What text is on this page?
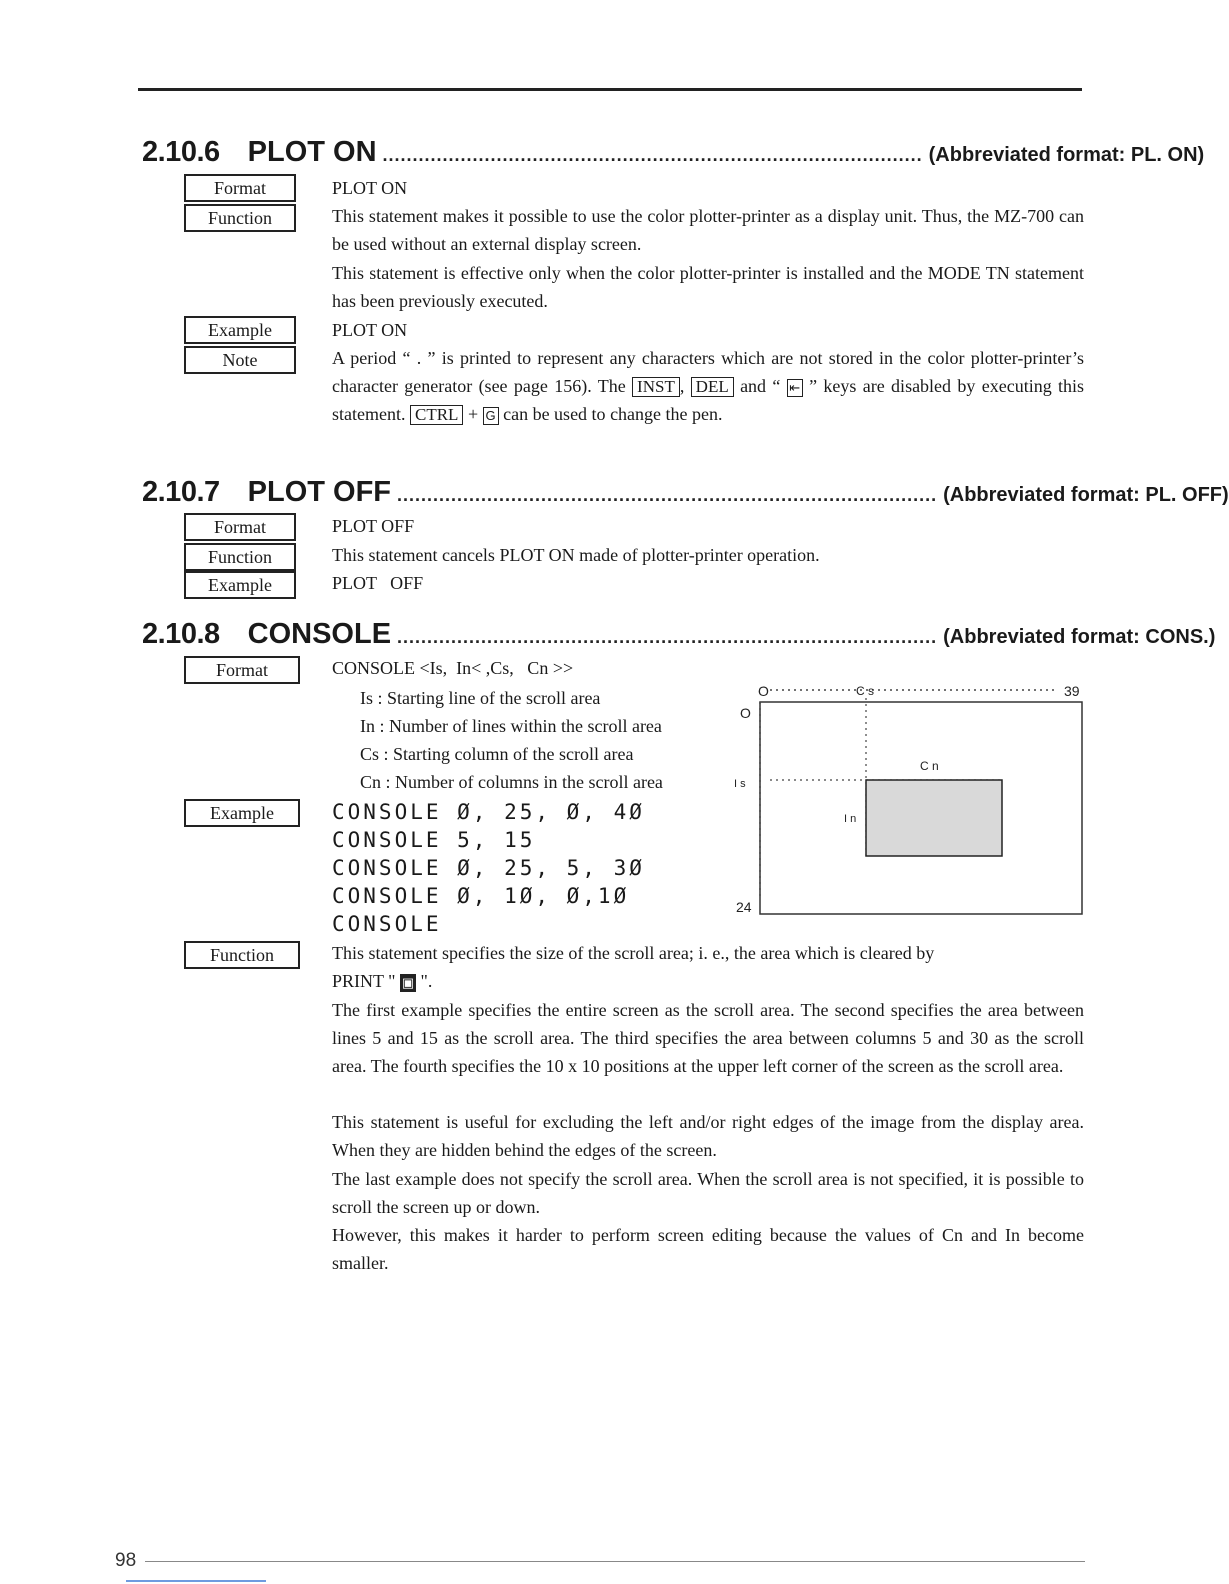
2.10.6 PLOT ON .......................................................................................... (Abbreviated format: PL. ON)
Format	PLOT ON
Function	This statement makes it possible to use the color plotter-printer as a display unit. Thus, the MZ-700 can be used without an external display screen.
This statement is effective only when the color plotter-printer is installed and the MODE TN statement has been previously executed.
Example	PLOT ON
Note	A period “ . ” is printed to represent any characters which are not stored in the color plotter-printer’s character generator (see page 156). The INST , DEL and “ ⇤ ” keys are disabled by executing this statement. CTRL + G can be used to change the pen.
2.10.7 PLOT OFF .......................................................................................... (Abbreviated format: PL. OFF)
Format	PLOT OFF
Function	This statement cancels PLOT ON made of plotter-printer operation.
Example	PLOT   OFF
2.10.8 CONSOLE .......................................................................................... (Abbreviated format: CONS.)
Format	CONSOLE <Is,  In< ,Cs,   Cn >>
Is : Starting line of the scroll area
In : Number of lines within the scroll area
Cs : Starting column of the scroll area
Cn : Number of columns in the scroll area
Example	CONSOLE Ø, 25, Ø, 4Ø
CONSOLE 5, 15
CONSOLE Ø, 25, 5, 3Ø
CONSOLE Ø, 1Ø, Ø,1Ø
CONSOLE
O	C s	39
O
C n
I s
I n
24
Function	This statement specifies the size of the scroll area; i. e., the area which is cleared by
PRINT " ▣ ".
The first example specifies the entire screen as the scroll area. The second specifies the area between lines 5 and 15 as the scroll area. The third specifies the area between columns 5 and 30 as the scroll area. The fourth specifies the 10 x 10 positions at the upper left corner of the screen as the scroll area.
This statement is useful for excluding the left and/or right edges of the image from the display area. When they are hidden behind the edges of the screen.
The last example does not specify the scroll area. When the scroll area is not specified, it is possible to scroll the screen up or down.
However, this makes it harder to perform screen editing because the values of Cn and In become smaller.
98
